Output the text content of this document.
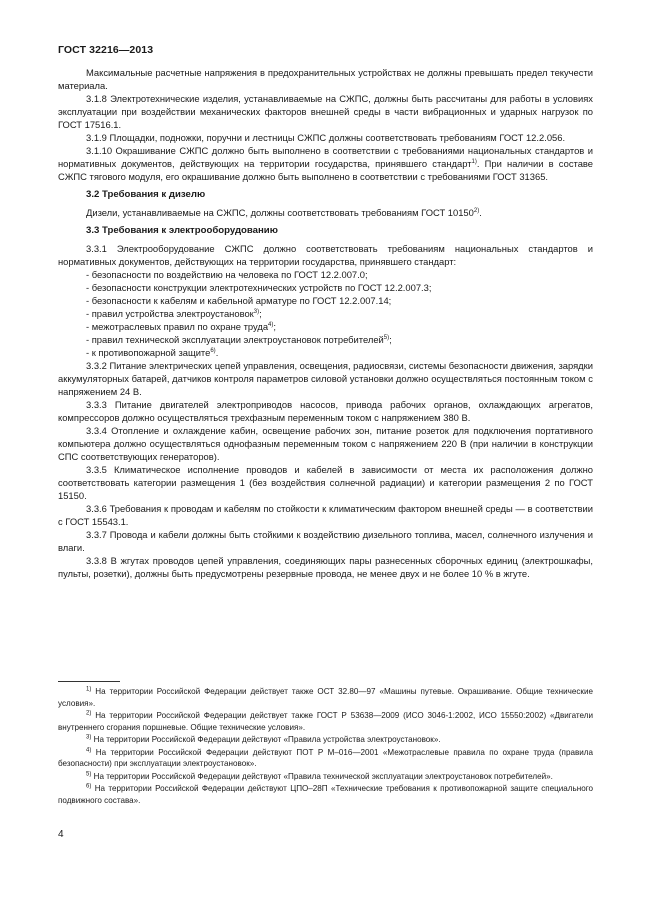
ГОСТ 32216—2013

Максимальные расчетные напряжения в предохранительных устройствах не должны превышать предел текучести материала.

3.1.8 Электротехнические изделия, устанавливаемые на СЖПС, должны быть рассчитаны для работы в условиях эксплуатации при воздействии механических факторов внешней среды в части вибрационных и ударных нагрузок по ГОСТ 17516.1.

3.1.9 Площадки, подножки, поручни и лестницы СЖПС должны соответствовать требованиям ГОСТ 12.2.056.

3.1.10 Окрашивание СЖПС должно быть выполнено в соответствии с требованиями национальных стандартов и нормативных документов, действующих на территории государства, принявшего стандарт$^{1)}$. При наличии в составе СЖПС тягового модуля, его окрашивание должно быть выполнено в соответствии с требованиями ГОСТ 31365.

3.2 Требования к дизелю

Дизели, устанавливаемые на СЖПС, должны соответствовать требованиям ГОСТ 10150$^{2)}$.

3.3 Требования к электрооборудованию

3.3.1 Электрооборудование СЖПС должно соответствовать требованиям национальных стандартов и нормативных документов, действующих на территории государства, принявшего стандарт:

- безопасности по воздействию на человека по ГОСТ 12.2.007.0;

- безопасности конструкции электротехнических устройств по ГОСТ 12.2.007.3;

- безопасности к кабелям и кабельной арматуре по ГОСТ 12.2.007.14;

- правил устройства электроустановок$^{3)}$;

- межотраслевых правил по охране труда$^{4)}$;

- правил технической эксплуатации электроустановок потребителей$^{5)}$;

- к противопожарной защите$^{6)}$.

3.3.2 Питание электрических цепей управления, освещения, радиосвязи, системы безопасности движения, зарядки аккумуляторных батарей, датчиков контроля параметров силовой установки должно осуществляться постоянным током с напряжением 24 В.

3.3.3 Питание двигателей электроприводов насосов, привода рабочих органов, охлаждающих агрегатов, компрессоров должно осуществляться трехфазным переменным током с напряжением 380 В.

3.3.4 Отопление и охлаждение кабин, освещение рабочих зон, питание розеток для подключения портативного компьютера должно осуществляться однофазным переменным током с напряжением 220 В (при наличии в конструкции СПС соответствующих генераторов).

3.3.5 Климатическое исполнение проводов и кабелей в зависимости от места их расположения должно соответствовать категории размещения 1 (без воздействия солнечной радиации) и категории размещения 2 по ГОСТ 15150.

3.3.6 Требования к проводам и кабелям по стойкости к климатическим фактором внешней среды — в соответствии с ГОСТ 15543.1.

3.3.7 Провода и кабели должны быть стойкими к воздействию дизельного топлива, масел, солнечного излучения и влаги.

3.3.8 В жгутах проводов цепей управления, соединяющих пары разнесенных сборочных единиц (электрошкафы, пульты, розетки), должны быть предусмотрены резервные провода, не менее двух и не более 10 % в жгуте.

$^{1)}$ На территории Российской Федерации действует также ОСТ 32.80—97 «Машины путевые. Окрашивание. Общие технические условия».

$^{2)}$ На территории Российской Федерации действует также ГОСТ Р 53638—2009 (ИСО 3046-1:2002, ИСО 15550:2002) «Двигатели внутреннего сгорания поршневые. Общие технические условия».

$^{3)}$ На территории Российской Федерации действуют «Правила устройства электроустановок».

$^{4)}$ На территории Российской Федерации действуют ПОТ Р М–016—2001 «Межотраслевые правила по охране труда (правила безопасности) при эксплуатации электроустановок».

$^{5)}$ На территории Российской Федерации действуют «Правила технической эксплуатации электроустановок потребителей».

$^{6)}$ На территории Российской Федерации действуют ЦПО–28П «Технические требования к противопожарной защите специального подвижного состава».

4
